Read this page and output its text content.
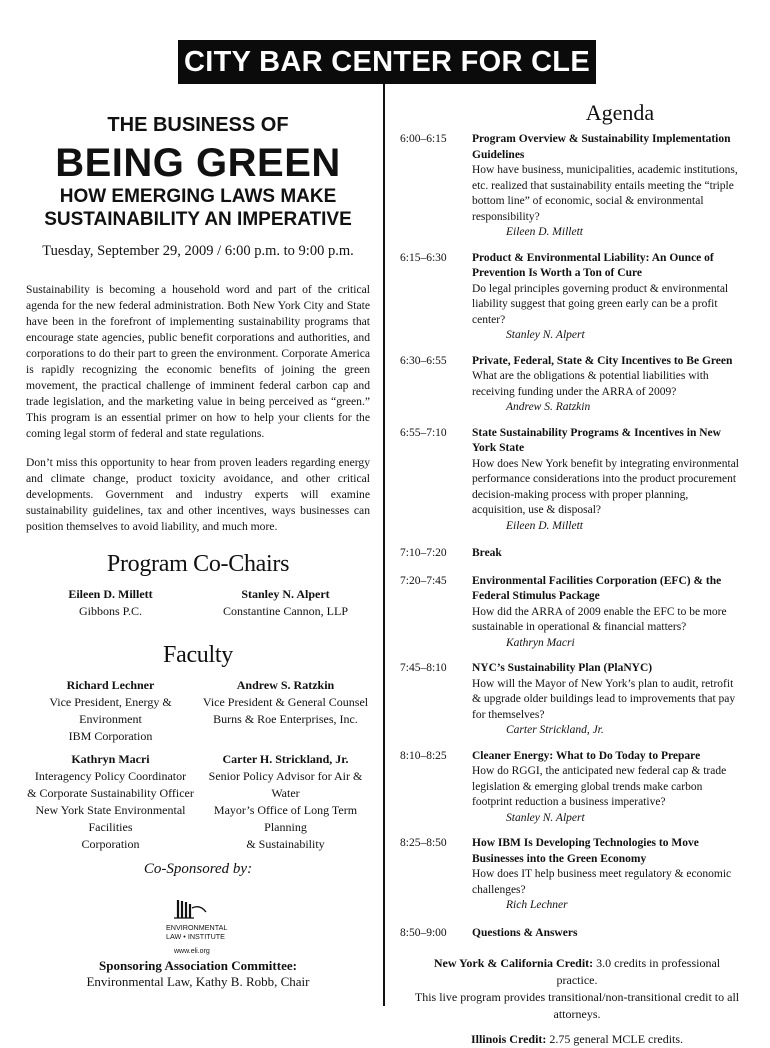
CITY BAR CENTER FOR CLE
THE BUSINESS OF
BEING GREEN
HOW EMERGING LAWS MAKE
SUSTAINABILITY AN IMPERATIVE
Tuesday, September 29, 2009 / 6:00 p.m. to 9:00 p.m.

Sustainability is becoming a household word and part of the critical agenda for the new federal administration. Both New York City and State have been in the forefront of implementing sustainability programs that encourage state agencies, public benefit corporations and authorities, and corporations to do their part to green the environment. Corporate America is rapidly recognizing the economic benefits of joining the green movement, the practical challenge of imminent federal carbon cap and trade legislation, and the marketing value in being perceived as “green.” This program is an essential primer on how to help your clients for the coming legal storm of federal and state regulations.

Don’t miss this opportunity to hear from proven leaders regarding energy and climate change, product toxicity avoidance, and other critical developments. Government and industry experts will examine sustainability guidelines, tax and other incentives, ways businesses can position themselves to avoid liability, and much more.

Program Co-Chairs
Eileen D. Millett
Gibbons P.C.
Stanley N. Alpert
Constantine Cannon, LLP
Faculty
Richard Lechner
Vice President, Energy & Environment
IBM Corporation
Andrew S. Ratzkin
Vice President & General Counsel
Burns & Roe Enterprises, Inc.
Kathryn Macri
Interagency Policy Coordinator
& Corporate Sustainability Officer
New York State Environmental Facilities
Corporation
Carter H. Strickland, Jr.
Senior Policy Advisor for Air & Water
Mayor’s Office of Long Term Planning
& Sustainability
Co-Sponsored by:
ENVIRONMENTAL
LAW • INSTITUTE
www.eli.org
Sponsoring Association Committee:
Environmental Law, Kathy B. Robb, Chair
Agenda
6:00–6:15	Program Overview & Sustainability Implementation Guidelines
How have business, municipalities, academic institutions, etc. realized that sustainability entails meeting the “triple bottom line” of economic, social & environmental responsibility?
Eileen D. Millett
6:15–6:30	Product & Environmental Liability: An Ounce of Prevention Is Worth a Ton of Cure
Do legal principles governing product & environmental liability suggest that going green early can be a profit center?
Stanley N. Alpert
6:30–6:55	Private, Federal, State & City Incentives to Be Green
What are the obligations & potential liabilities with receiving funding under the ARRA of 2009?
Andrew S. Ratzkin
6:55–7:10	State Sustainability Programs & Incentives in New York State
How does New York benefit by integrating environmental performance considerations into the product procurement decision-making process with proper planning, acquisition, use & disposal?
Eileen D. Millett
7:10–7:20	Break
7:20–7:45	Environmental Facilities Corporation (EFC) & the Federal Stimulus Package
How did the ARRA of 2009 enable the EFC to be more sustainable in operational & financial matters?
Kathryn Macri
7:45–8:10	NYC’s Sustainability Plan (PlaNYC)
How will the Mayor of New York’s plan to audit, retrofit & upgrade older buildings lead to improvements that pay for themselves?
Carter Strickland, Jr.
8:10–8:25	Cleaner Energy: What to Do Today to Prepare
How do RGGI, the anticipated new federal cap & trade legislation & emerging global trends make carbon footprint reduction a business imperative?
Stanley N. Alpert
8:25–8:50	How IBM Is Developing Technologies to Move Businesses into the Green Economy
How does IT help business meet regulatory & economic challenges?
Rich Lechner
8:50–9:00	Questions & Answers
New York & California Credit: 3.0 credits in professional practice.
This live program provides transitional/non-transitional credit to all attorneys.
Illinois Credit: 2.75 general MCLE credits.
